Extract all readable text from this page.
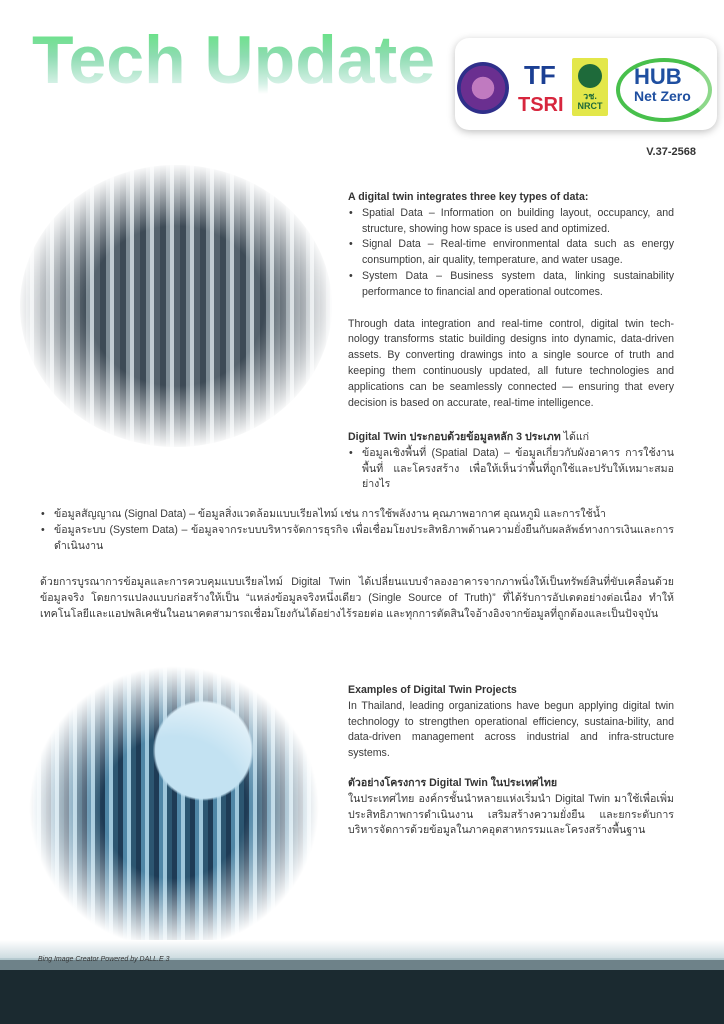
Tech Update	TF
TSRI	วช.
NRCT
HUB
Net Zero
V.37-2568
A digital twin integrates three key types of data:
• Spatial Data – Information on building layout, occupancy, and structure, showing how space is used and optimized.
• Signal Data – Real-time environmental data such as energy consumption, air quality, temperature, and water usage.
• System Data – Business system data, linking sustainability performance to financial and operational outcomes.

Through data integration and real-time control, digital twin tech-nology transforms static building designs into dynamic, data-driven assets. By converting drawings into a single source of truth and keeping them continuously updated, all future technologies and applications can be seamlessly connected — ensuring that every decision is based on accurate, real-time intelligence.

Digital Twin ประกอบด้วยข้อมูลหลัก 3 ประเภท ได้แก่
• ข้อมูลเชิงพื้นที่ (Spatial Data) – ข้อมูลเกี่ยวกับผังอาคาร การใช้งานพื้นที่ และโครงสร้าง เพื่อให้เห็นว่าพื้นที่ถูกใช้และปรับให้เหมาะสมอย่างไร
• ข้อมูลสัญญาณ (Signal Data) – ข้อมูลสิ่งแวดล้อมแบบเรียลไทม์ เช่น การใช้พลังงาน คุณภาพอากาศ อุณหภูมิ และการใช้น้ำ
• ข้อมูลระบบ (System Data) – ข้อมูลจากระบบบริหารจัดการธุรกิจ เพื่อเชื่อมโยงประสิทธิภาพด้านความยั่งยืนกับผลลัพธ์ทางการเงินและการดำเนินงาน

ด้วยการบูรณาการข้อมูลและการควบคุมแบบเรียลไทม์ Digital Twin ได้เปลี่ยนแบบจำลองอาคารจากภาพนิ่งให้เป็นทรัพย์สินที่ขับเคลื่อนด้วยข้อมูลจริง โดยการแปลงแบบก่อสร้างให้เป็น “แหล่งข้อมูลจริงหนึ่งเดียว (Single Source of Truth)” ที่ได้รับการอัปเดตอย่างต่อเนื่อง ทำให้เทคโนโลยีและแอปพลิเคชันในอนาคตสามารถเชื่อมโยงกันได้อย่างไร้รอยต่อ และทุกการตัดสินใจอ้างอิงจากข้อมูลที่ถูกต้องและเป็นปัจจุบัน

Examples of Digital Twin Projects

In Thailand, leading organizations have begun applying digital twin technology to strengthen operational efficiency, sustaina-bility, and data-driven management across industrial and infra-structure systems.

ตัวอย่างโครงการ Digital Twin ในประเทศไทย

ในประเทศไทย องค์กรชั้นนำหลายแห่งเริ่มนำ Digital Twin มาใช้เพื่อเพิ่มประสิทธิภาพการดำเนินงาน เสริมสร้างความยั่งยืน และยกระดับการบริหารจัดการด้วยข้อมูลในภาคอุตสาหกรรมและโครงสร้างพื้นฐาน

Bing Image Creator Powered by DALL.E 3
